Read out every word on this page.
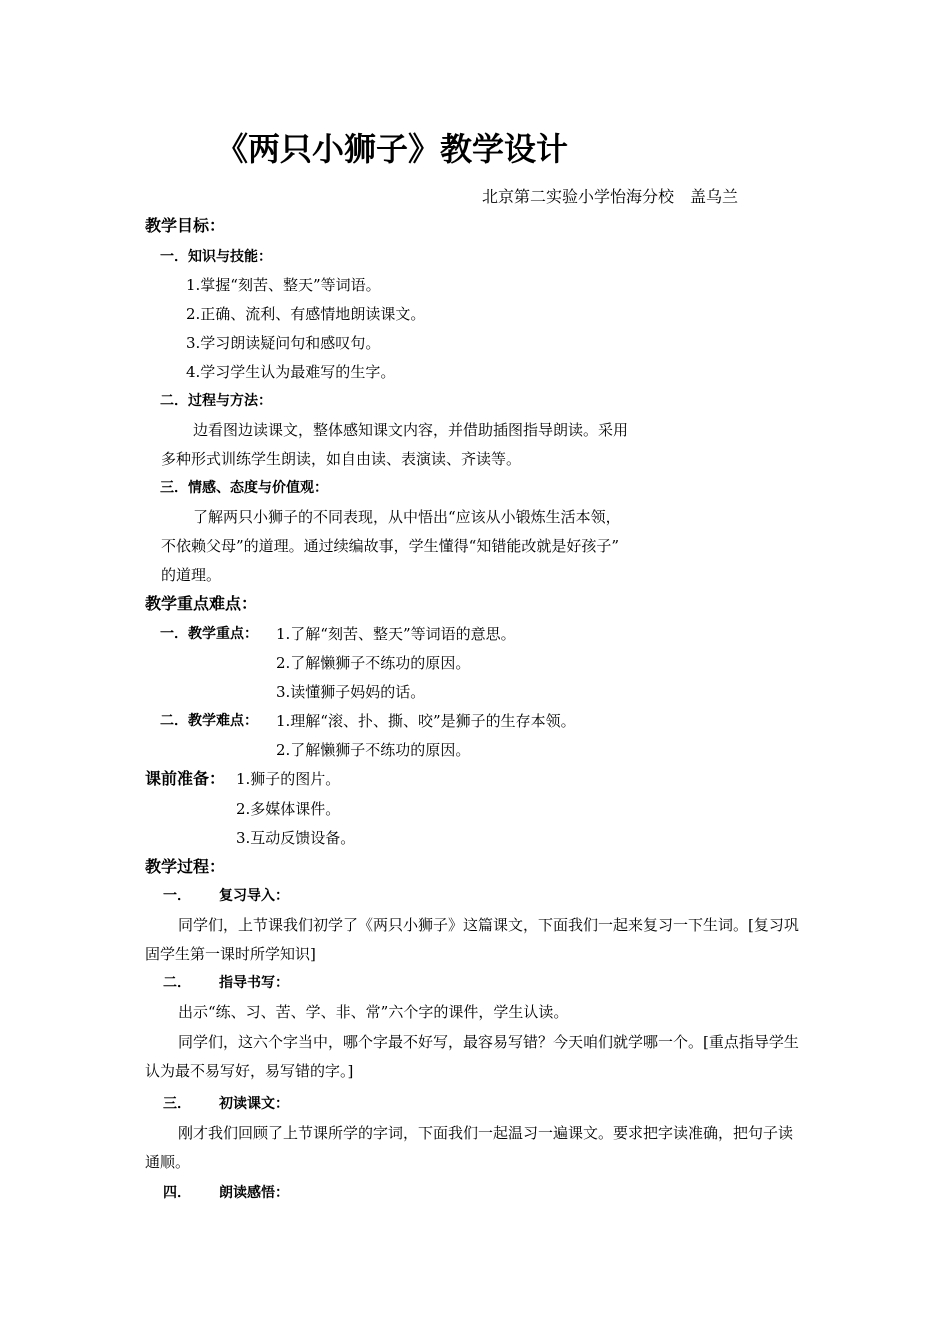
《两只小狮子》教学设计
北京第二实验小学怡海分校　盖乌兰
教学目标：
一．知识与技能：
1.掌握“刻苦、整天”等词语。
2.正确、流利、有感情地朗读课文。
3.学习朗读疑问句和感叹句。
4.学习学生认为最难写的生字。
二．过程与方法：
边看图边读课文，整体感知课文内容，并借助插图指导朗读。采用
多种形式训练学生朗读，如自由读、表演读、齐读等。
三．情感、态度与价值观：
了解两只小狮子的不同表现，从中悟出“应该从小锻炼生活本领，
不依赖父母”的道理。通过续编故事，学生懂得“知错能改就是好孩子”
的道理。
教学重点难点：
一．教学重点： 1.了解“刻苦、整天”等词语的意思。
2.了解懒狮子不练功的原因。
3.读懂狮子妈妈的话。
二．教学难点： 1.理解“滚、扑、撕、咬”是狮子的生存本领。
2.了解懒狮子不练功的原因。
课前准备： 1.狮子的图片。
2.多媒体课件。
3.互动反馈设备。
教学过程：
一． 复习导入：
同学们，上节课我们初学了《两只小狮子》这篇课文，下面我们一起来复习一下生词。[复习巩
固学生第一课时所学知识]
二． 指导书写：
出示“练、习、苦、学、非、常”六个字的课件，学生认读。
同学们，这六个字当中，哪个字最不好写，最容易写错？今天咱们就学哪一个。[重点指导学生
认为最不易写好，易写错的字。]
三． 初读课文：
刚才我们回顾了上节课所学的字词，下面我们一起温习一遍课文。要求把字读准确，把句子读
通顺。
四． 朗读感悟：
